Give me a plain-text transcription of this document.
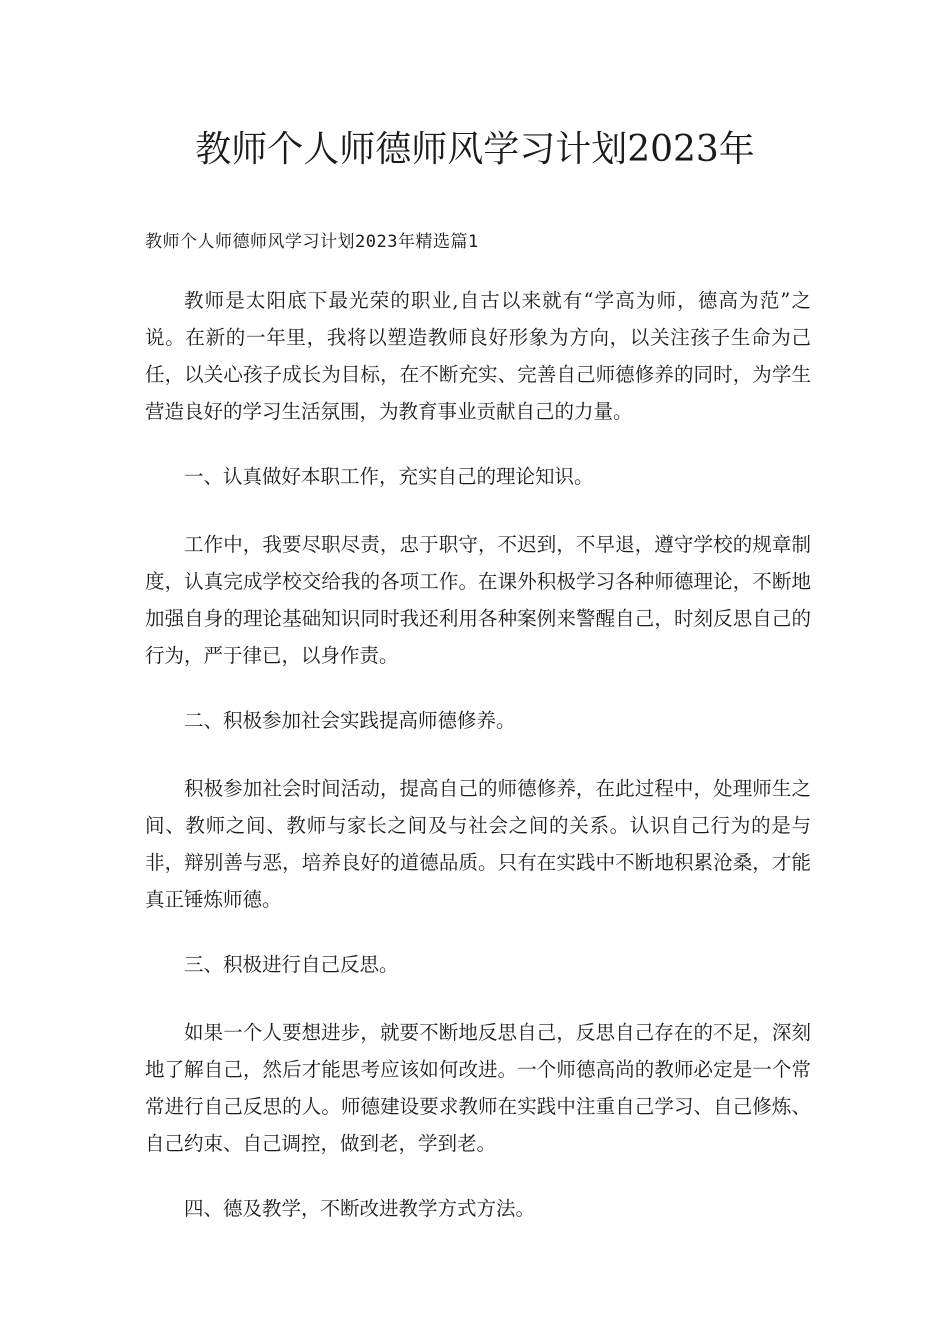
教师个人师德师风学习计划2023年
教师个人师德师风学习计划2023年精选篇1

教师是太阳底下最光荣的职业,自古以来就有“学高为师，德高为范”之说。在新的一年里，我将以塑造教师良好形象为方向，以关注孩子生命为己任，以关心孩子成长为目标，在不断充实、完善自己师德修养的同时，为学生营造良好的学习生活氛围，为教育事业贡献自己的力量。

一、认真做好本职工作，充实自己的理论知识。

工作中，我要尽职尽责，忠于职守，不迟到，不早退，遵守学校的规章制度，认真完成学校交给我的各项工作。在课外积极学习各种师德理论，不断地加强自身的理论基础知识同时我还利用各种案例来警醒自己，时刻反思自己的行为，严于律已，以身作责。

二、积极参加社会实践提高师德修养。

积极参加社会时间活动，提高自己的师德修养，在此过程中，处理师生之间、教师之间、教师与家长之间及与社会之间的关系。认识自己行为的是与非，辩别善与恶，培养良好的道德品质。只有在实践中不断地积累沧桑，才能真正锤炼师德。

三、积极进行自己反思。

如果一个人要想进步，就要不断地反思自己，反思自己存在的不足，深刻地了解自己，然后才能思考应该如何改进。一个师德高尚的教师必定是一个常常进行自己反思的人。师德建设要求教师在实践中注重自己学习、自己修炼、自己约束、自己调控，做到老，学到老。

四、德及教学，不断改进教学方式方法。
